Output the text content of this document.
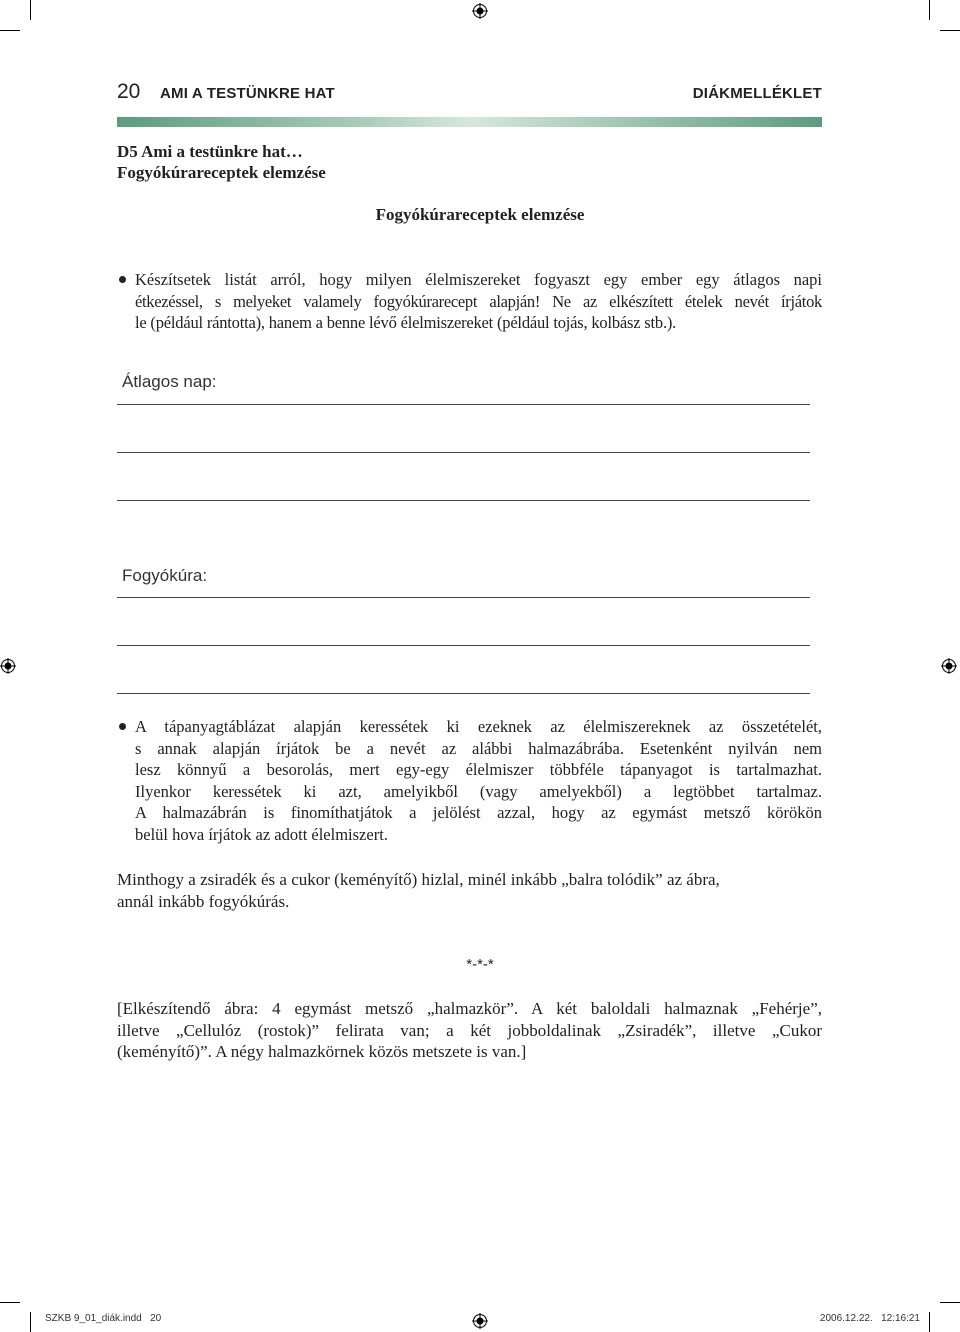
20 AMI A TESTÜNKRE HAT	DIÁKMELLÉKLET
D5 Ami a testünkre hat…
Fogyókúrareceptek elemzése
Fogyókúrareceptek elemzése
Készítsetek listát arról, hogy milyen élelmiszereket fogyaszt egy ember egy átlagos napi
étkezéssel, s melyeket valamely fogyókúrarecept alapján! Ne az elkészített ételek nevét írjátok
le (például rántotta), hanem a benne lévő élelmiszereket (például tojás, kolbász stb.).
Átlagos nap:
Fogyókúra:
A tápanyagtáblázat alapján keressétek ki ezeknek az élelmiszereknek az összetételét,
s annak alapján írjátok be a nevét az alábbi halmazábrába. Esetenként nyilván nem
lesz könnyű a besorolás, mert egy-egy élelmiszer többféle tápanyagot is tartalmazhat.
Ilyenkor keressétek ki azt, amelyikből (vagy amelyekből) a legtöbbet tartalmaz.
A halmazábrán is finomíthatjátok a jelölést azzal, hogy az egymást metsző körökön
belül hova írjátok az adott élelmiszert.
Minthogy a zsiradék és a cukor (keményítő) hizlal, minél inkább „balra tolódik” az ábra,
annál inkább fogyókúrás.
*-*-*
[Elkészítendő ábra: 4 egymást metsző „halmazkör”. A két baloldali halmaznak „Fehérje”,
illetve „Cellulóz (rostok)” felirata van; a két jobboldalinak „Zsiradék”, illetve „Cukor
(keményítő)”. A négy halmazkörnek közös metszete is van.]
SZKB 9_01_diák.indd   20	2006.12.22.   12:16:21
